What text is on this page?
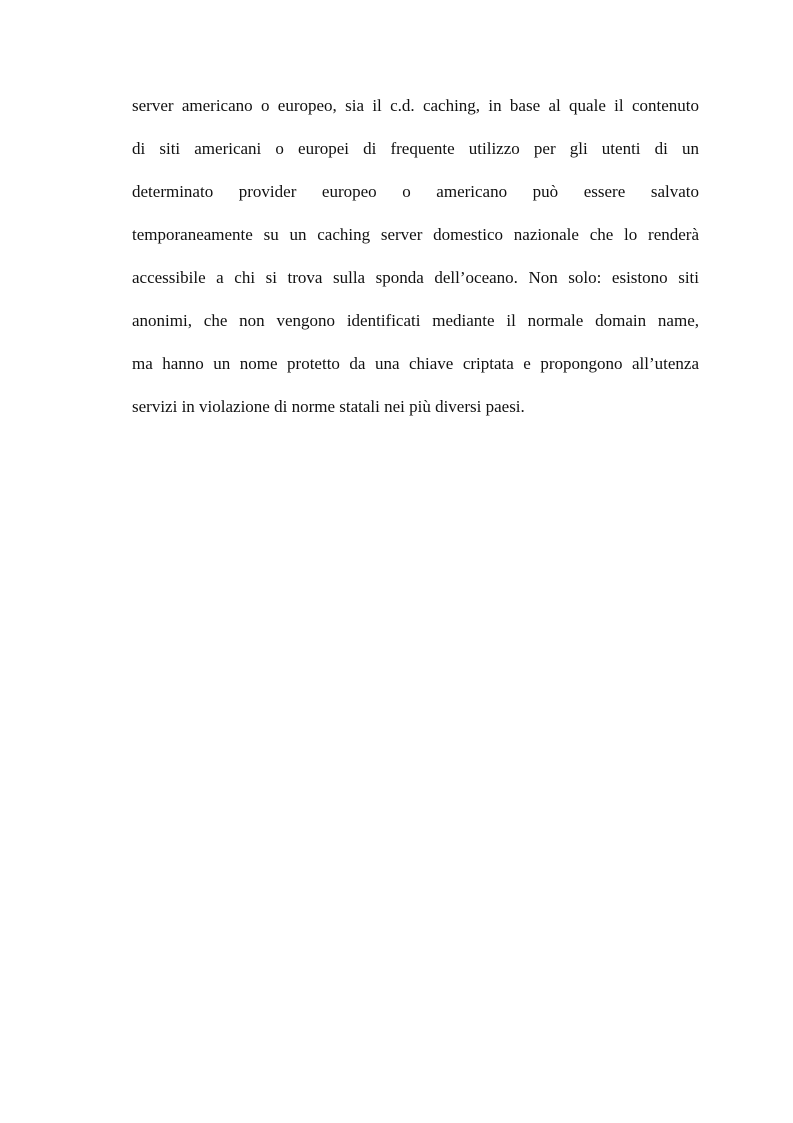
server americano o europeo, sia il c.d. caching, in base al quale il contenuto
di siti americani o europei di frequente utilizzo per gli utenti di un
determinato provider europeo o americano può essere salvato
temporaneamente su un caching server domestico nazionale che lo renderà
accessibile a chi si trova sulla sponda dell’oceano. Non solo: esistono siti
anonimi, che non vengono identificati mediante il normale domain name,
ma hanno un nome protetto da una chiave criptata e propongono all’utenza
servizi in violazione di norme statali nei più diversi paesi.
